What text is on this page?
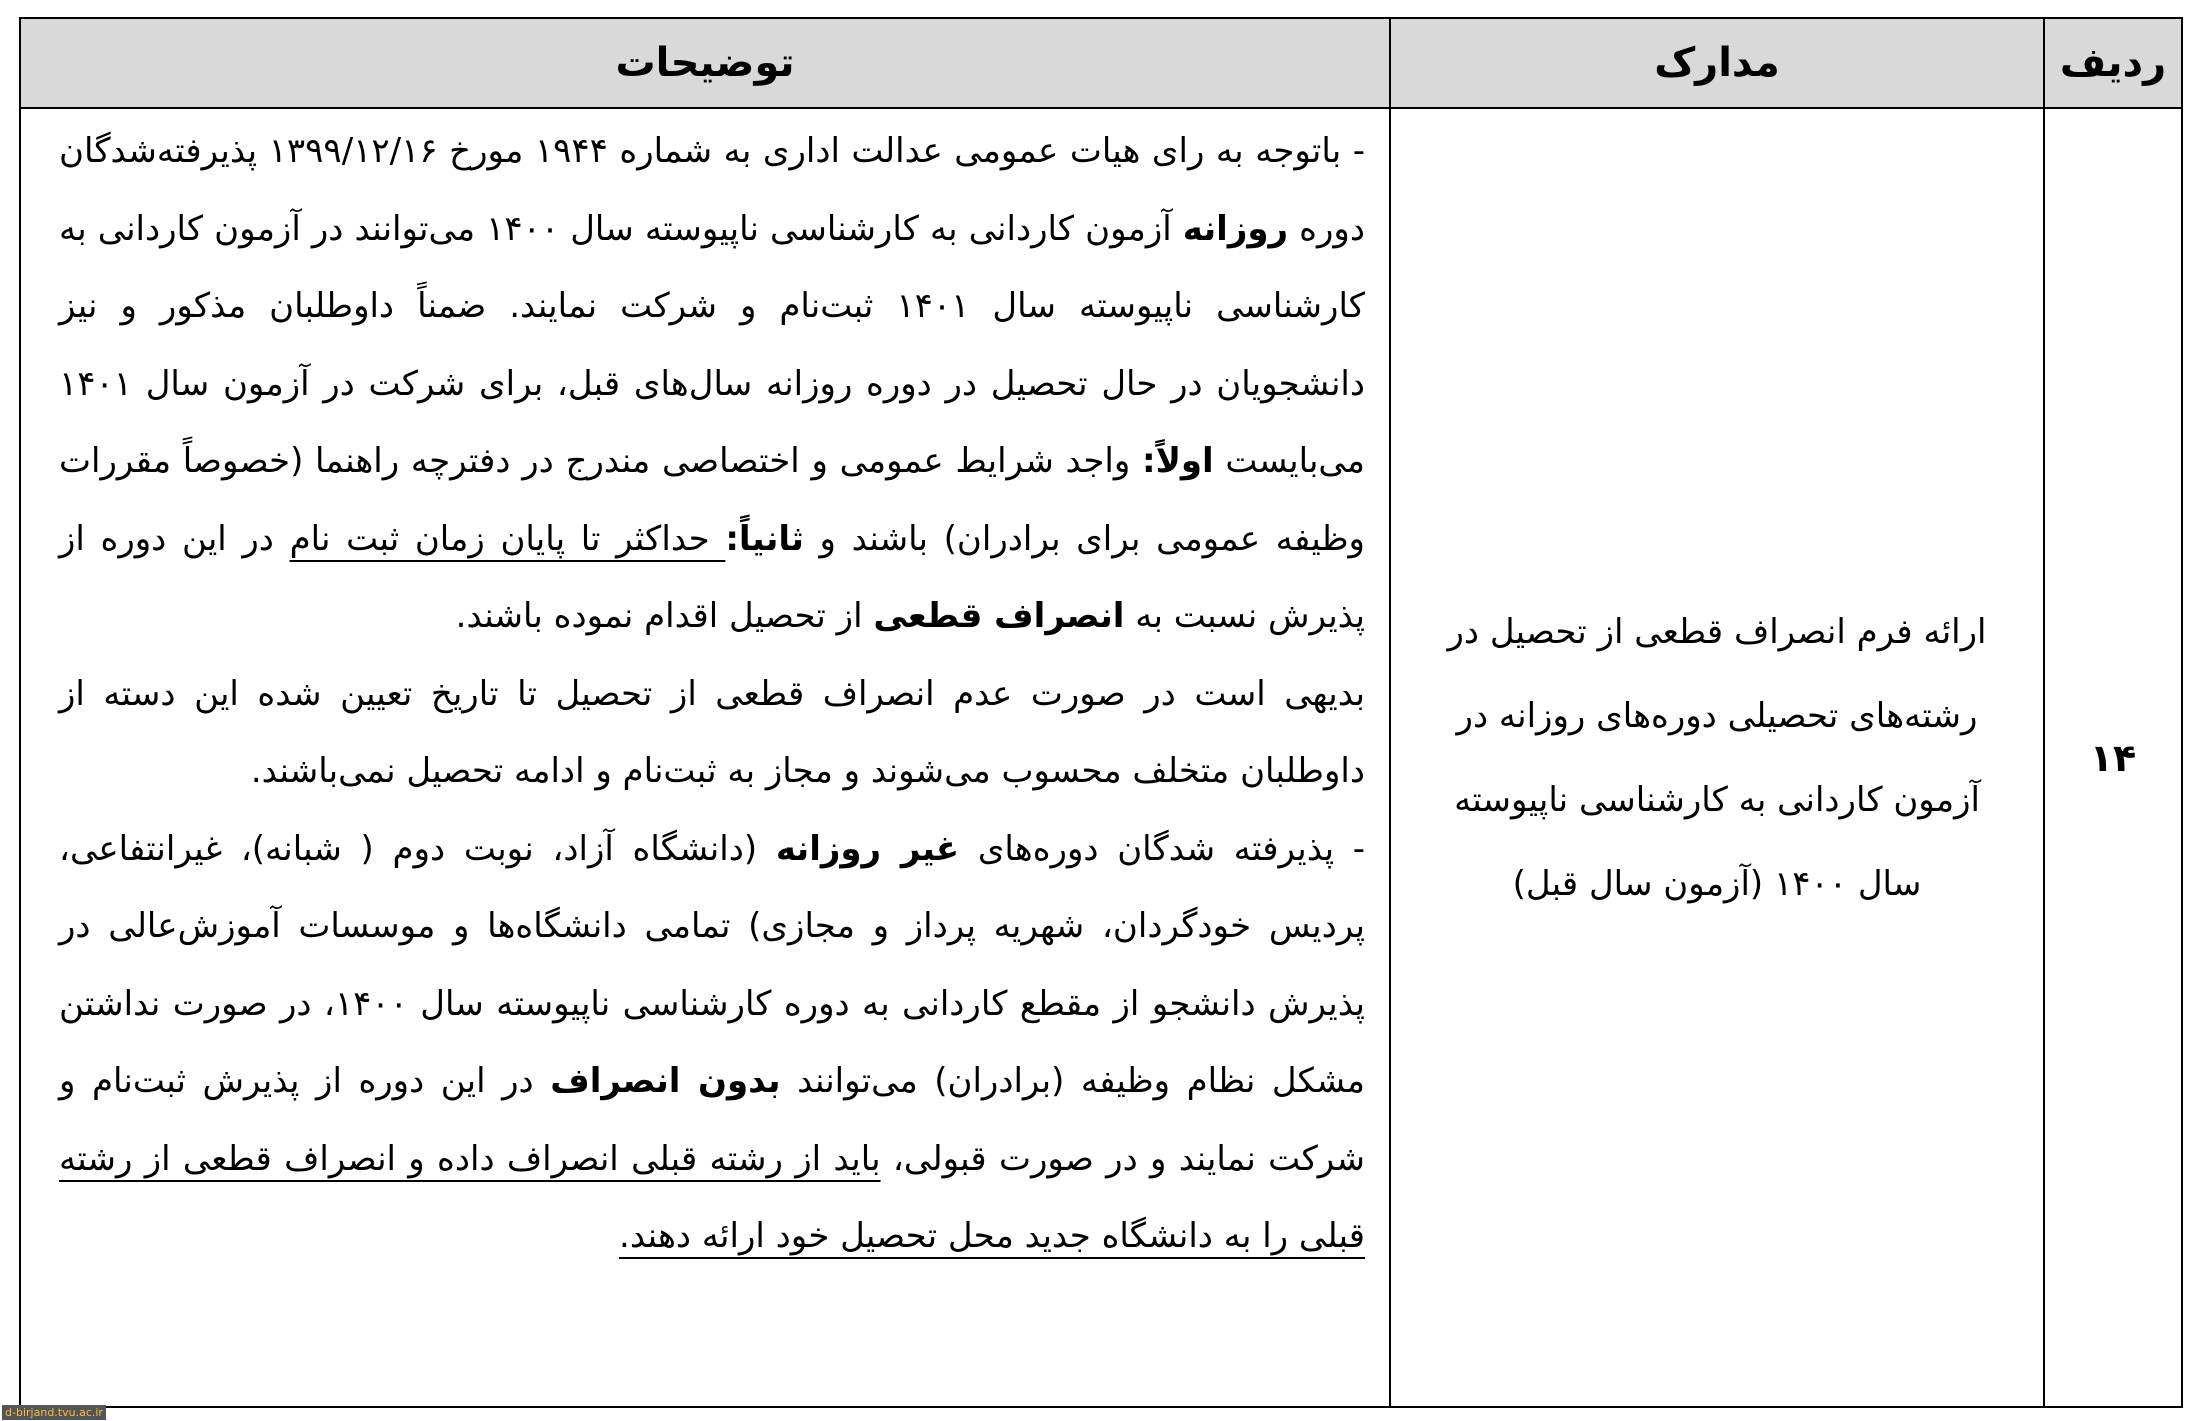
ردیف	مدارک	توضیحات
۱۴	ارائه فرم انصراف قطعی از تحصیل در رشته‌های تحصیلی دوره‌های روزانه در آزمون کاردانی به کارشناسی ناپیوسته سال ۱۴۰۰ (آزمون سال قبل)	- باتوجه به رای هیات عمومی عدالت اداری به شماره ۱۹۴۴ مورخ ۱۳۹۹/۱۲/۱۶ پذیرفته‌شدگان دوره روزانه آزمون کاردانی به کارشناسی ناپیوسته سال ۱۴۰۰ می‌توانند در آزمون کاردانی به کارشناسی ناپیوسته سال ۱۴۰۱ ثبت‌نام و شرکت نمایند. ضمناً داوطلبان مذکور و نیز دانشجویان در حال تحصیل در دوره روزانه سال‌های قبل، برای شرکت در آزمون سال ۱۴۰۱ می‌بایست اولاً: واجد شرایط عمومی و اختصاصی مندرج در دفترچه راهنما (خصوصاً مقررات وظیفه عمومی برای برادران) باشند و ثانیاً: حداکثر تا پایان زمان ثبت نام در این دوره از پذیرش نسبت به انصراف قطعی از تحصیل اقدام نموده باشند.

بدیهی است در صورت عدم انصراف قطعی از تحصیل تا تاریخ تعیین شده این دسته از داوطلبان متخلف محسوب می‌شوند و مجاز به ثبت‌نام و ادامه تحصیل نمی‌باشند.

- پذیرفته شدگان دوره‌های غیر روزانه (دانشگاه آزاد، نوبت دوم ( شبانه)، غیرانتفاعی، پردیس خودگردان، شهریه پرداز و مجازی) تمامی دانشگاه‌ها و موسسات آموزش‌عالی در پذیرش دانشجو از مقطع کاردانی به دوره کارشناسی ناپیوسته سال ۱۴۰۰، در صورت نداشتن مشکل نظام وظیفه (برادران) می‌توانند بدون انصراف در این دوره از پذیرش ثبت‌نام و شرکت نمایند و در صورت قبولی، باید از رشته قبلی انصراف داده و انصراف قطعی از رشته قبلی را به دانشگاه جدید محل تحصیل خود ارائه دهند.

d-birjand.tvu.ac.ir
